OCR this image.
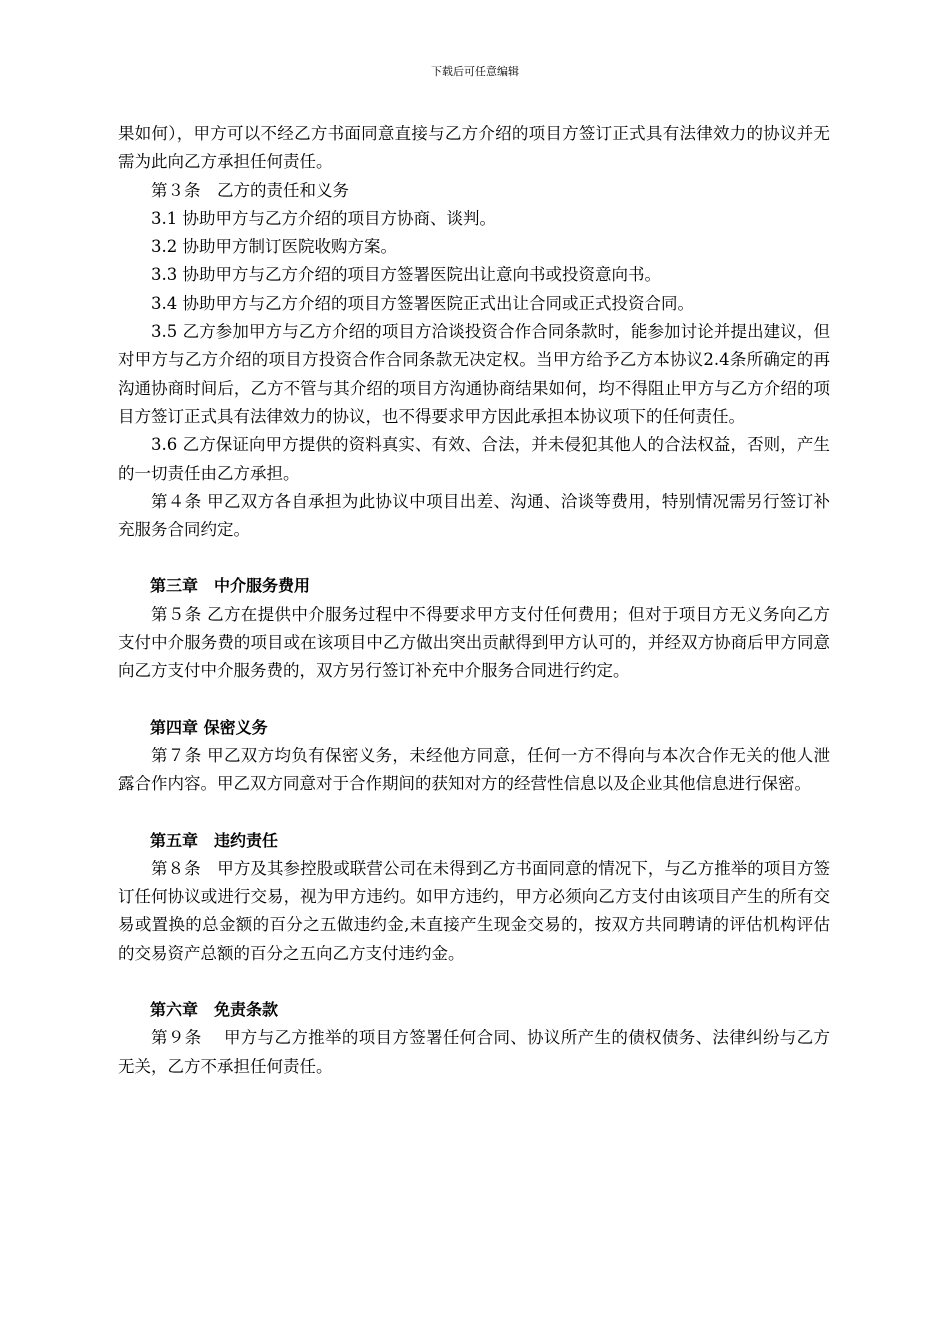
下载后可任意编辑

果如何），甲方可以不经乙方书面同意直接与乙方介绍的项目方签订正式具有法律效力的协议并无需为此向乙方承担任何责任。

第３条　乙方的责任和义务

3.1 协助甲方与乙方介绍的项目方协商、谈判。

3.2 协助甲方制订医院收购方案。

3.3 协助甲方与乙方介绍的项目方签署医院出让意向书或投资意向书。

3.4 协助甲方与乙方介绍的项目方签署医院正式出让合同或正式投资合同。

3.5 乙方参加甲方与乙方介绍的项目方洽谈投资合作合同条款时，能参加讨论并提出建议，但对甲方与乙方介绍的项目方投资合作合同条款无决定权。当甲方给予乙方本协议2.4条所确定的再沟通协商时间后，乙方不管与其介绍的项目方沟通协商结果如何，均不得阻止甲方与乙方介绍的项目方签订正式具有法律效力的协议，也不得要求甲方因此承担本协议项下的任何责任。

3.6 乙方保证向甲方提供的资料真实、有效、合法，并未侵犯其他人的合法权益，否则，产生的一切责任由乙方承担。

第４条 甲乙双方各自承担为此协议中项目出差、沟通、洽谈等费用，特别情况需另行签订补充服务合同约定。

第三章　中介服务费用

第５条 乙方在提供中介服务过程中不得要求甲方支付任何费用；但对于项目方无义务向乙方支付中介服务费的项目或在该项目中乙方做出突出贡献得到甲方认可的，并经双方协商后甲方同意向乙方支付中介服务费的，双方另行签订补充中介服务合同进行约定。

第四章 保密义务

第７条 甲乙双方均负有保密义务，未经他方同意，任何一方不得向与本次合作无关的他人泄露合作内容。甲乙双方同意对于合作期间的获知对方的经营性信息以及企业其他信息进行保密。

第五章　违约责任

第８条　甲方及其参控股或联营公司在未得到乙方书面同意的情况下，与乙方推举的项目方签订任何协议或进行交易，视为甲方违约。如甲方违约，甲方必须向乙方支付由该项目产生的所有交易或置换的总金额的百分之五做违约金,未直接产生现金交易的，按双方共同聘请的评估机构评估的交易资产总额的百分之五向乙方支付违约金。

第六章　免责条款

第９条　 甲方与乙方推举的项目方签署任何合同、协议所产生的债权债务、法律纠纷与乙方无关，乙方不承担任何责任。
